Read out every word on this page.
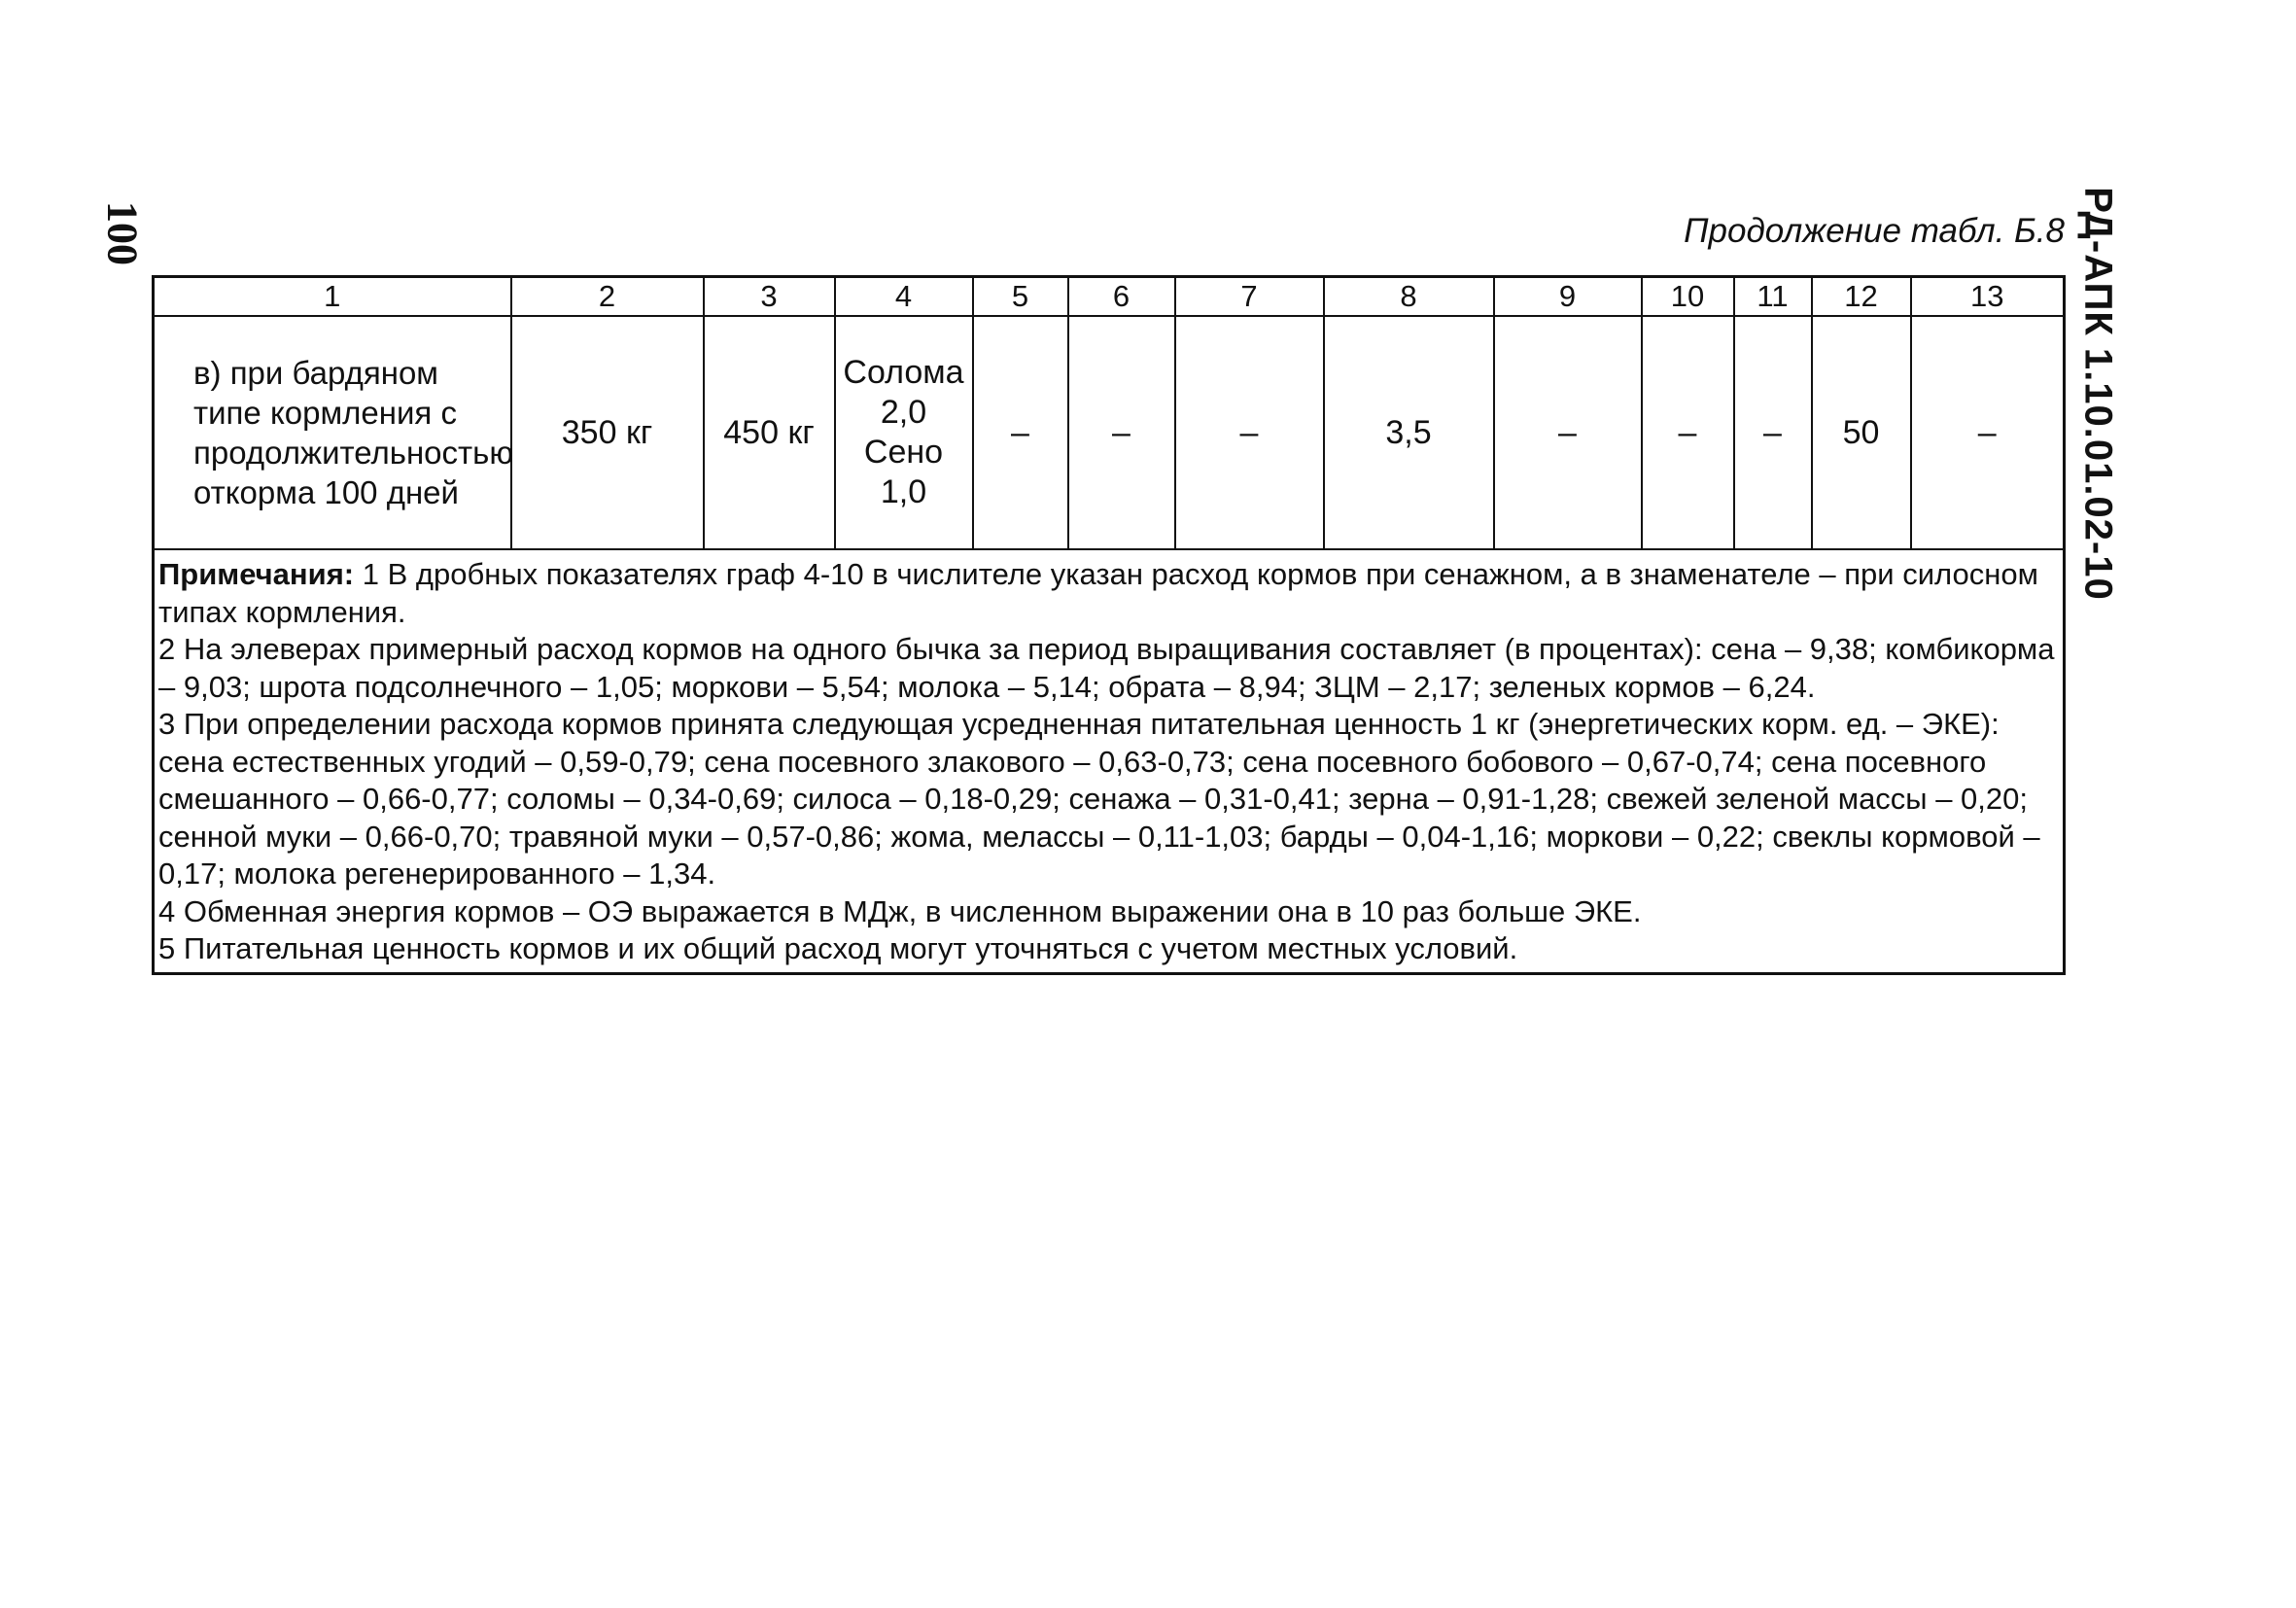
100	РД-АПК 1.10.01.02-10
Продолжение табл. Б.8
1	2	3	4	5	6	7	8	9	10	11	12	13
в) при бардяном типе кормления с продолжительностью откорма 100 дней	350 кг	450 кг	Солома 2,0 Сено 1,0	–	–	–	3,5	–	–	–	50	–

Примечания: 1 В дробных показателях граф 4-10 в числителе указан расход кормов при сенажном, а в знаменателе – при силосном типах кормления.
2 На элеверах примерный расход кормов на одного бычка за период выращивания составляет (в процентах): сена – 9,38; комбикорма – 9,03; шрота подсолнечного – 1,05; моркови – 5,54; молока – 5,14; обрата – 8,94; ЗЦМ – 2,17; зеленых кормов – 6,24.
3 При определении расхода кормов принята следующая усредненная питательная ценность 1 кг (энергетических корм. ед. – ЭКЕ): сена естественных угодий – 0,59-0,79; сена посевного злакового – 0,63-0,73; сена посевного бобового – 0,67-0,74; сена посевного смешанного – 0,66-0,77; соломы – 0,34-0,69; силоса – 0,18-0,29; сенажа – 0,31-0,41; зерна – 0,91-1,28; свежей зеленой массы – 0,20; сенной муки – 0,66-0,70; травяной муки – 0,57-0,86; жома, мелассы – 0,11-1,03; барды – 0,04-1,16; моркови – 0,22; свеклы кормовой – 0,17; молока регенерированного – 1,34.
4 Обменная энергия кормов – ОЭ выражается в МДж, в численном выражении она в 10 раз больше ЭКЕ.
5 Питательная ценность кормов и их общий расход могут уточняться с учетом местных условий.												
